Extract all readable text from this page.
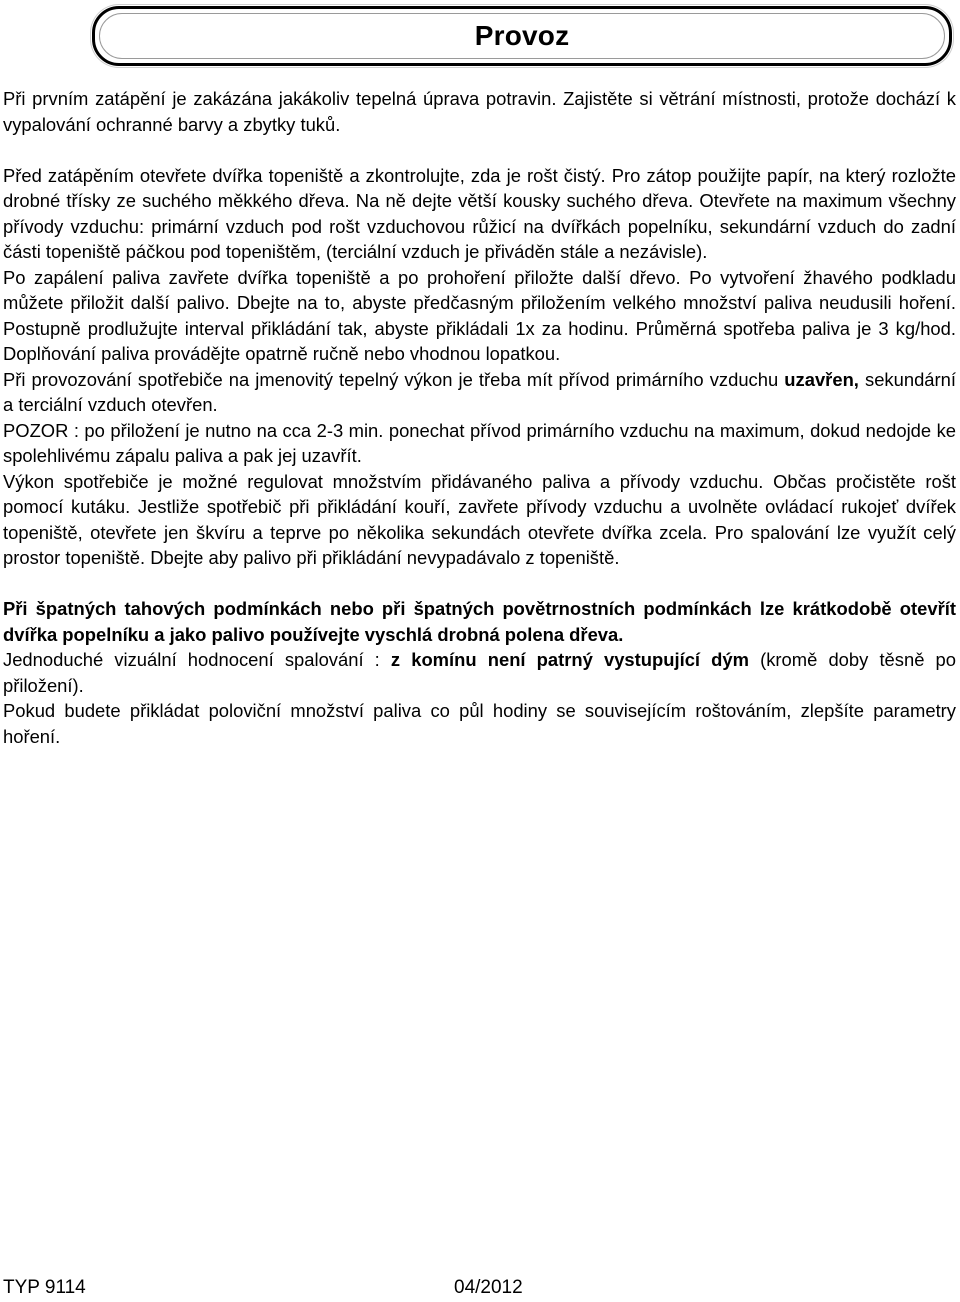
Provoz

Při prvním zatápění je zakázána jakákoliv tepelná úprava potravin. Zajistěte si větrání místnosti, protože dochází k vypalování ochranné barvy a zbytky tuků.

Před zatápěním otevřete dvířka topeniště a zkontrolujte, zda je rošt čistý. Pro zátop použijte papír, na který rozložte drobné třísky ze suchého měkkého dřeva. Na ně dejte větší kousky suchého dřeva. Otevřete na maximum všechny přívody vzduchu: primární vzduch pod rošt vzduchovou růžicí na dvířkách popelníku, sekundární vzduch do zadní části topeniště páčkou pod topeništěm, (terciální vzduch je přiváděn stále a nezávisle).

Po zapálení paliva zavřete dvířka topeniště a po prohoření přiložte další dřevo. Po vytvoření žhavého podkladu můžete přiložit další palivo. Dbejte na to, abyste předčasným přiložením velkého množství paliva neudusili hoření. Postupně prodlužujte interval přikládání tak, abyste přikládali 1x za hodinu. Průměrná spotřeba paliva je 3 kg/hod. Doplňování paliva provádějte opatrně ručně nebo vhodnou lopatkou.

Při provozování spotřebiče na jmenovitý tepelný výkon je třeba mít přívod primárního vzduchu uzavřen, sekundární a terciální vzduch otevřen.

POZOR : po přiložení je nutno na cca 2-3 min. ponechat přívod primárního vzduchu na maximum, dokud nedojde ke spolehlivému zápalu paliva a pak jej uzavřít.

Výkon spotřebiče je možné regulovat množstvím přidávaného paliva a přívody vzduchu. Občas pročistěte rošt pomocí kutáku. Jestliže spotřebič při přikládání kouří, zavřete přívody vzduchu a uvolněte ovládací rukojeť dvířek topeniště, otevřete jen škvíru a teprve po několika sekundách otevřete dvířka zcela. Pro spalování lze využít celý prostor topeniště. Dbejte aby palivo při přikládání nevypadávalo z topeniště.

Při špatných tahových podmínkách nebo při špatných povětrnostních podmínkách lze krátkodobě otevřít dvířka popelníku a jako palivo používejte vyschlá drobná polena dřeva.

Jednoduché vizuální hodnocení spalování : z komínu není patrný vystupující dým (kromě doby těsně po přiložení).

Pokud budete přikládat poloviční množství paliva co půl hodiny se souvisejícím roštováním, zlepšíte parametry hoření.

TYP 9114	04/2012
